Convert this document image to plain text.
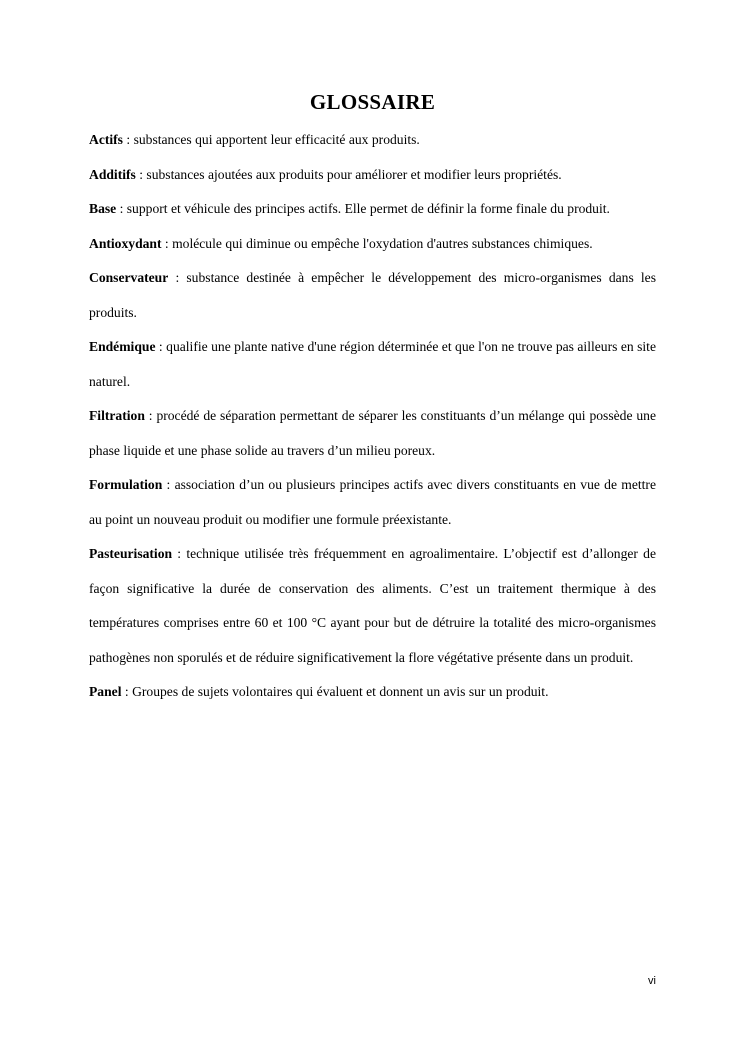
GLOSSAIRE

Actifs : substances qui apportent leur efficacité aux produits.

Additifs : substances ajoutées aux produits pour améliorer et modifier leurs propriétés.

Base : support et véhicule des principes actifs. Elle permet de définir la forme finale du produit.

Antioxydant : molécule qui diminue ou empêche l'oxydation d'autres substances chimiques.

Conservateur : substance destinée à empêcher le développement des micro-organismes dans les produits.

Endémique : qualifie une plante native d'une région déterminée et que l'on ne trouve pas ailleurs en site naturel.

Filtration : procédé de séparation permettant de séparer les constituants d’un mélange qui possède une phase liquide et une phase solide au travers d’un milieu poreux.

Formulation : association d’un ou plusieurs principes actifs avec divers constituants en vue de mettre au point un nouveau produit ou modifier une formule préexistante.

Pasteurisation : technique utilisée très fréquemment en agroalimentaire. L’objectif est d’allonger de façon significative la durée de conservation des aliments. C’est un traitement thermique à des températures comprises entre 60 et 100 °C ayant pour but de détruire la totalité des micro-organismes pathogènes non sporulés et de réduire significativement la flore végétative présente dans un produit.

Panel : Groupes de sujets volontaires qui évaluent et donnent un avis sur un produit.

vi
